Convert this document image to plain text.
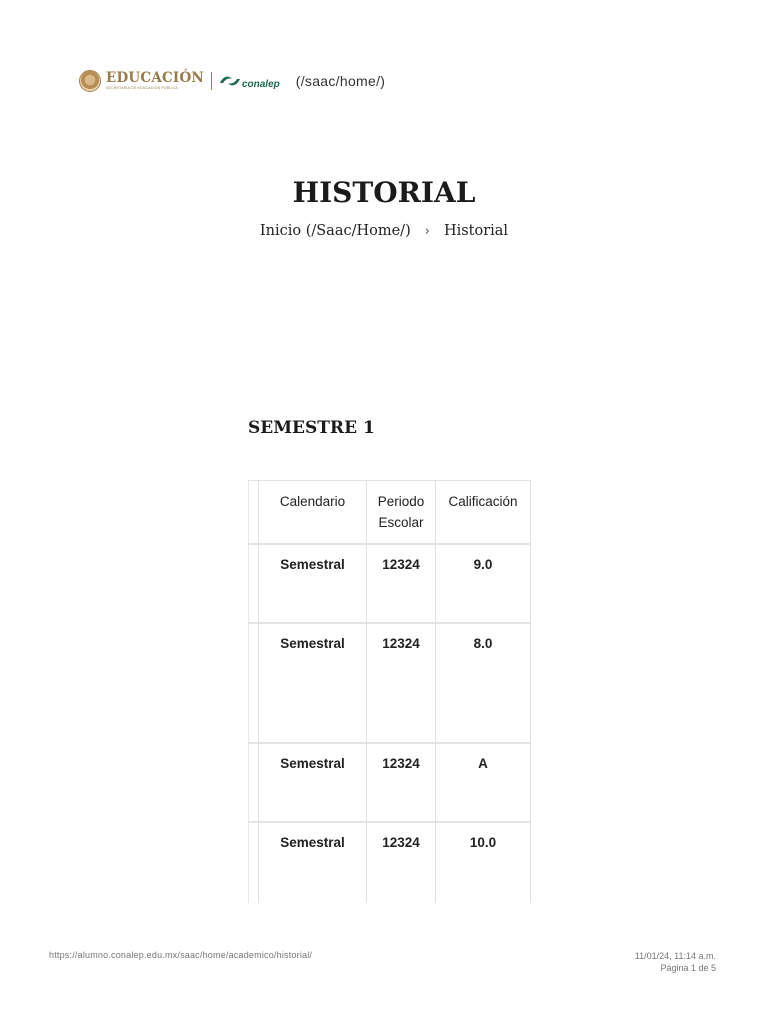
EDUCACIÓN
SECRETARÍA DE EDUCACIÓN PÚBLICA	conalep (/saac/home/)
HISTORIAL
Inicio (/Saac/Home/) › Historial
SEMESTRE 1
	Calendario	Periodo Escolar	Calificación
	Semestral	12324	9.0
	Semestral	12324	8.0
	Semestral	12324	A
	Semestral	12324	10.0
https://alumno.conalep.edu.mx/saac/home/academico/historial/	11/01/24, 11:14 a.m.
Página 1 de 5
